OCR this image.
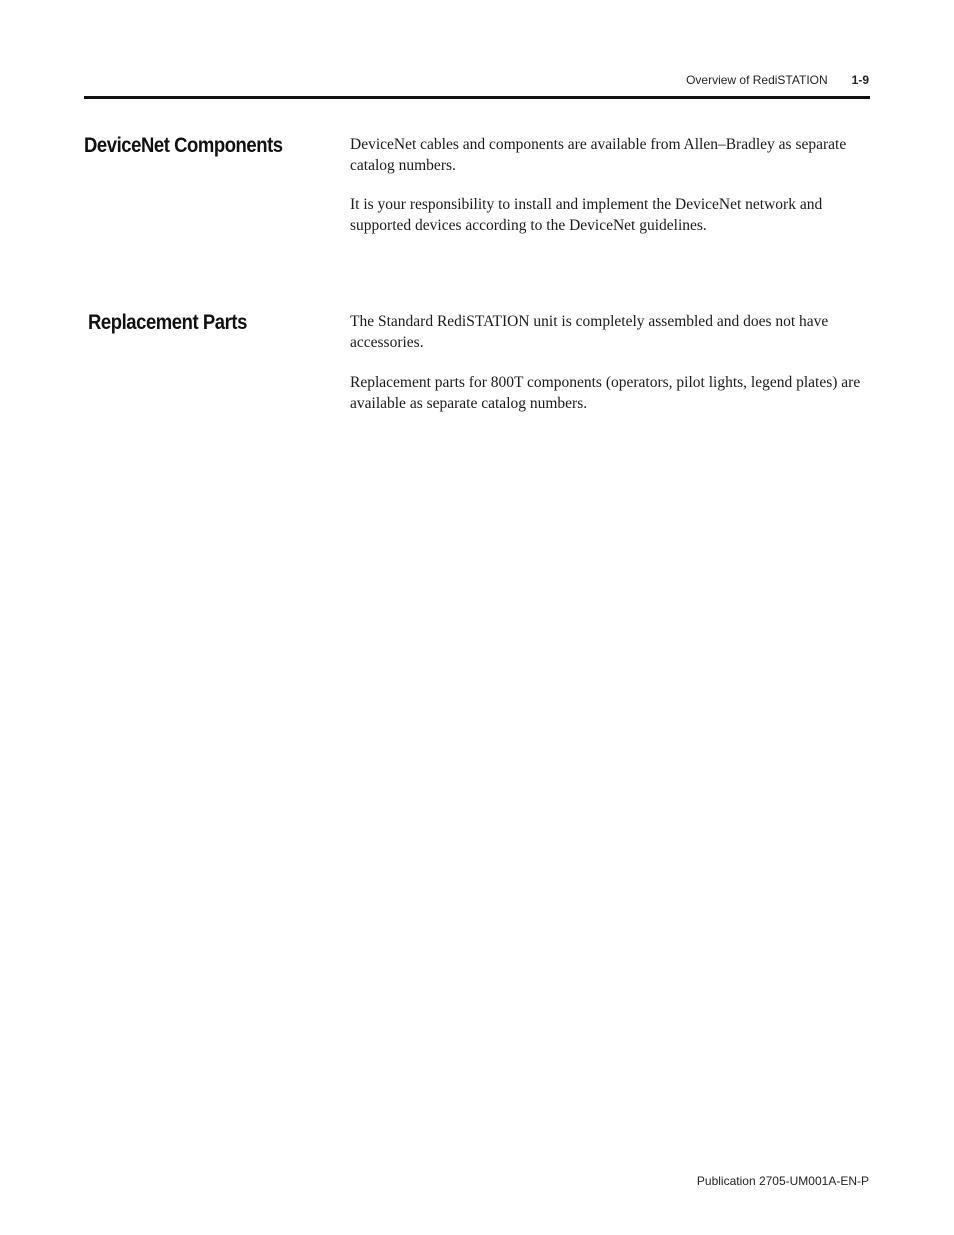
Overview of RediSTATION 1-9
DeviceNet Components	DeviceNet cables and components are available from Allen–Bradley as separate catalog numbers.

It is your responsibility to install and implement the DeviceNet network and supported devices according to the DeviceNet guidelines.

Replacement Parts	The Standard RediSTATION unit is completely assembled and does not have accessories.

Replacement parts for 800T components (operators, pilot lights, legend plates) are available as separate catalog numbers.

Publication 2705-UM001A-EN-P
